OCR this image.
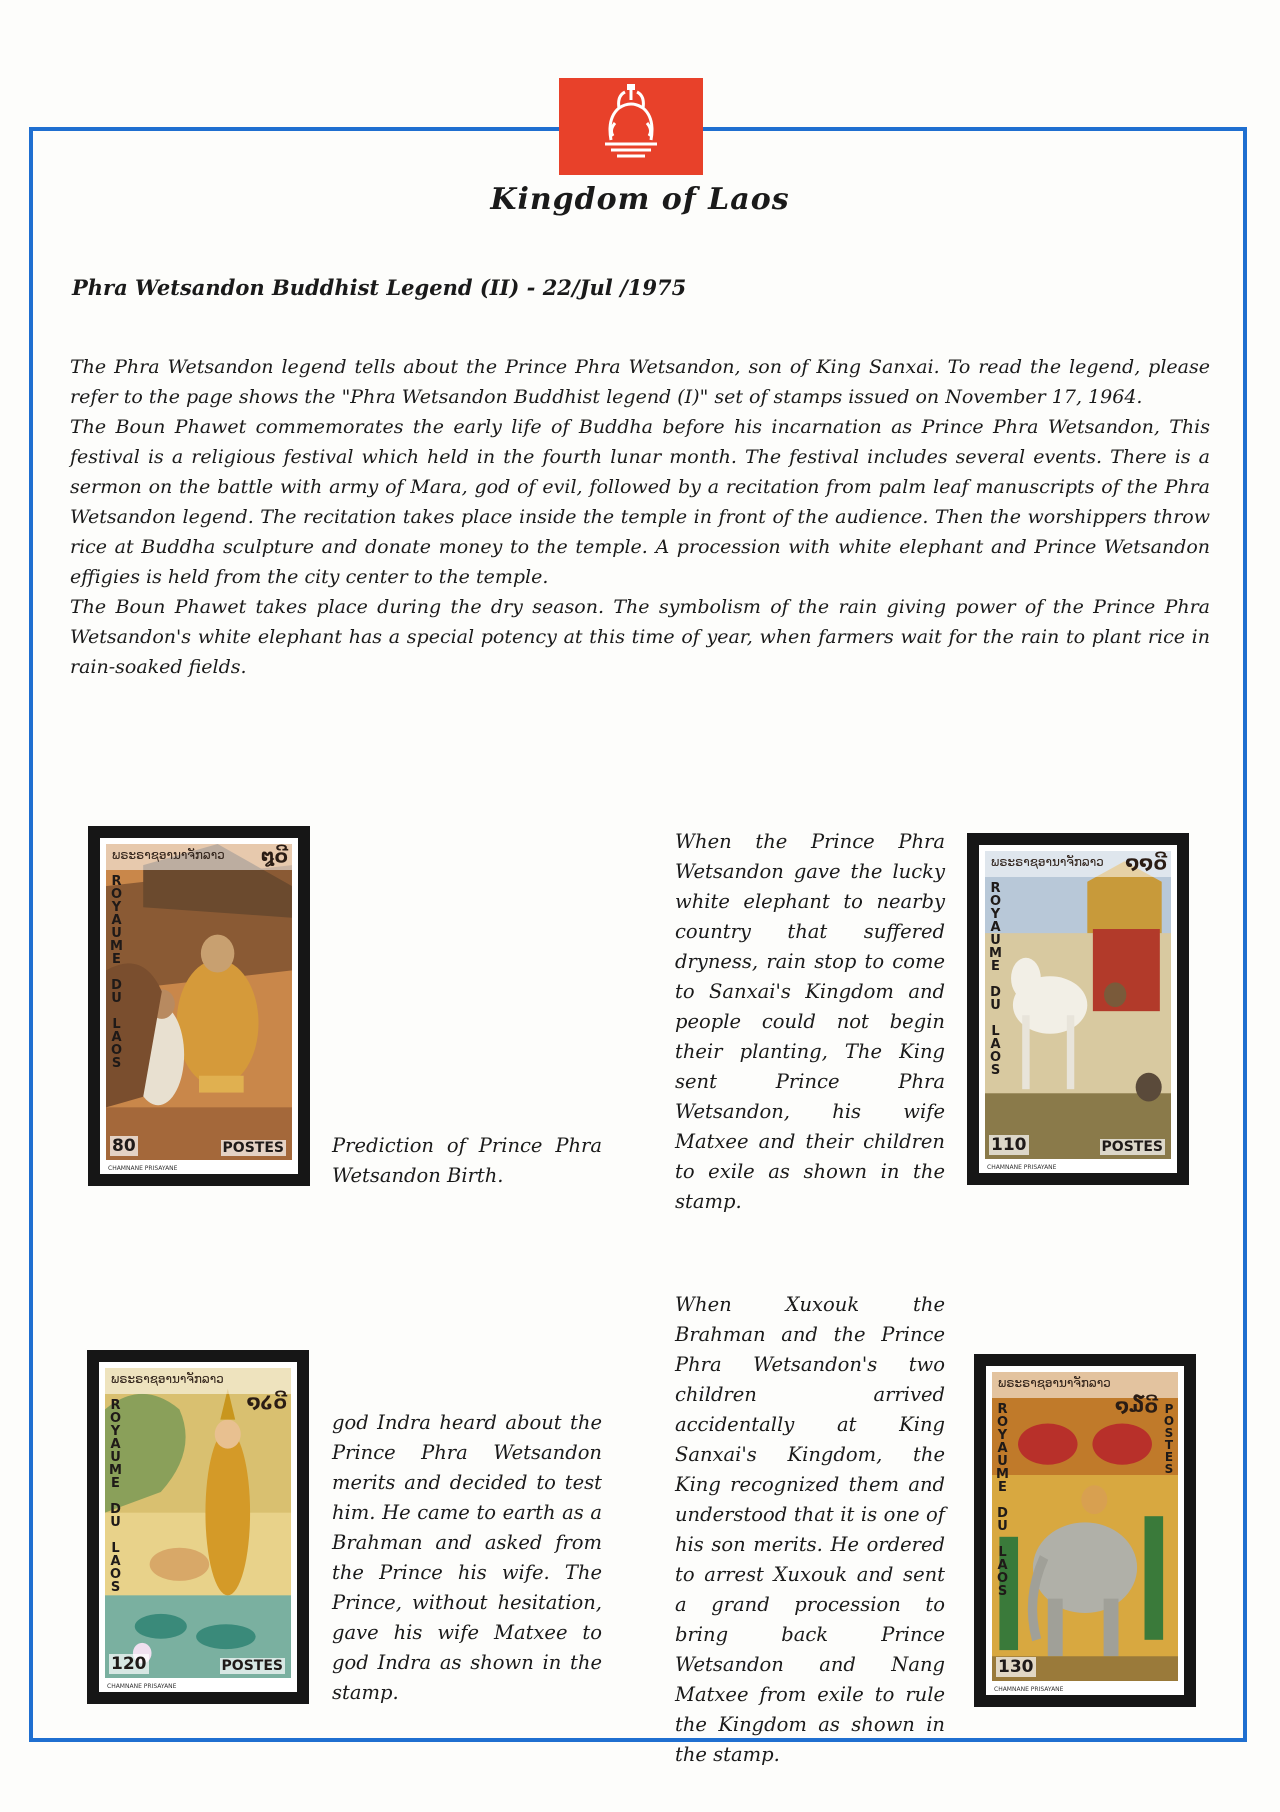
Kingdom of Laos
Phra Wetsandon Buddhist Legend (II) - 22/Jul /1975

The Phra Wetsandon legend tells about the Prince Phra Wetsandon, son of King Sanxai. To read the legend, please refer to the page shows the "Phra Wetsandon Buddhist legend (I)" set of stamps issued on November 17, 1964.

The Boun Phawet commemorates the early life of Buddha before his incarnation as Prince Phra Wetsandon, This festival is a religious festival which held in the fourth lunar month. The festival includes several events. There is a sermon on the battle with army of Mara, god of evil, followed by a recitation from palm leaf manuscripts of the Phra Wetsandon legend. The recitation takes place inside the temple in front of the audience. Then the worshippers throw rice at Buddha sculpture and donate money to the temple. A procession with white elephant and Prince Wetsandon effigies is held from the city center to the temple.

The Boun Phawet takes place during the dry season. The symbolism of the rain giving power of the Prince Phra Wetsandon's white elephant has a special potency at this time of year, when farmers wait for the rain to plant rice in rain-soaked fields.

ພຣະຣາຊອານາຈັກລາວ	໘໐ີ
ROYAUME DU LAOS
80	POSTES
CHAMNANE PRISAYANE
Prediction of Prince Phra Wetsandon Birth.
ພຣະຣາຊອານາຈັກລາວ	໑໑໐ີ
ROYAUME DU LAOS
110	POSTES
CHAMNANE PRISAYANE
When the Prince Phra Wetsandon gave the lucky white elephant to nearby country that suffered dryness, rain stop to come to Sanxai's Kingdom and people could not begin their planting, The King sent Prince Phra Wetsandon, his wife Matxee and their children to exile as shown in the stamp.
ພຣະຣາຊອານາຈັກລາວ
໑໒໐ີ
ROYAUME DU LAOS
120	POSTES
CHAMNANE PRISAYANE
god Indra heard about the Prince Phra Wetsandon merits and decided to test him. He came to earth as a Brahman and asked from the Prince his wife. The Prince, without hesitation, gave his wife Matxee to god Indra as shown in the stamp.
ພຣະຣາຊອານາຈັກລາວ
໑໓໐ີ
ROYAUME DU LAOS	POSTES
130
CHAMNANE PRISAYANE
When Xuxouk the Brahman and the Prince Phra Wetsandon's two children arrived accidentally at King Sanxai's Kingdom, the King recognized them and understood that it is one of his son merits. He ordered to arrest Xuxouk and sent a grand procession to bring back Prince Wetsandon and Nang Matxee from exile to rule the Kingdom as shown in the stamp.
